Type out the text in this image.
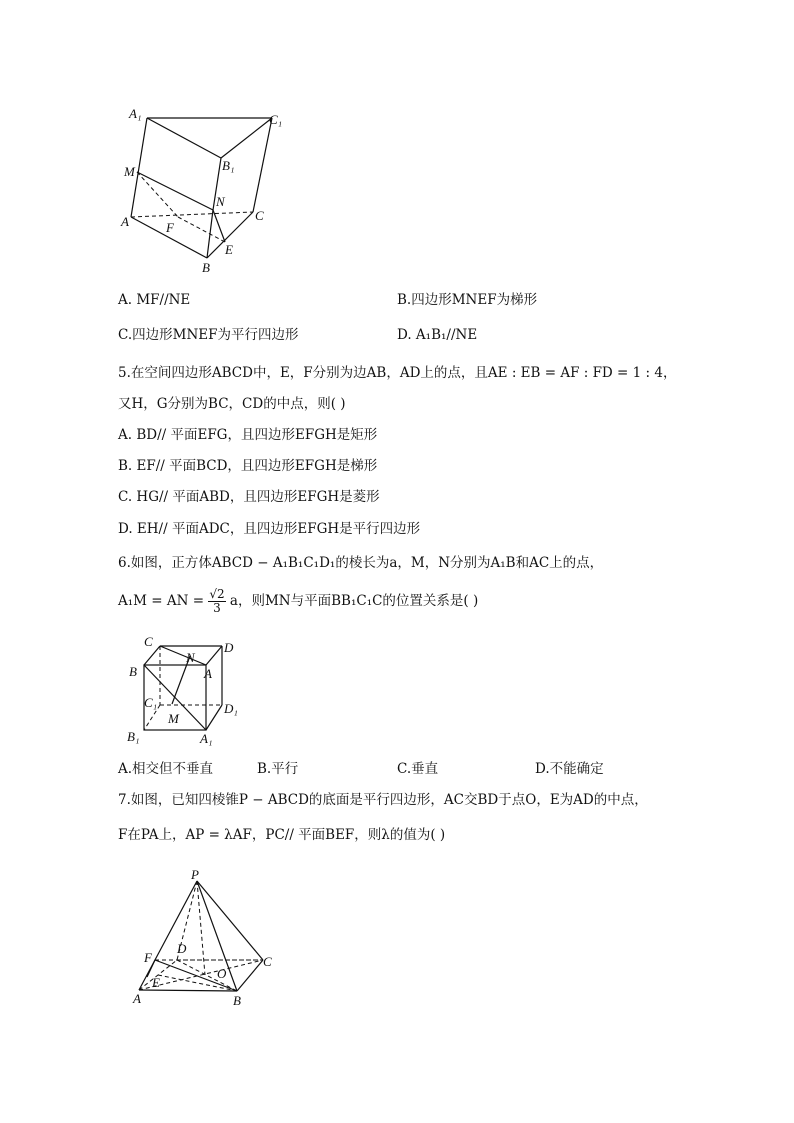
A₁	C₁
B₁
M
N
A	C
F
E
B
A. MF//NE	B.四边形MNEF为梯形
C.四边形MNEF为平行四边形	D. A₁B₁//NE
5.在空间四边形ABCD中，E，F分别为边AB，AD上的点，且AE : EB = AF : FD = 1 : 4，
又H，G分别为BC，CD的中点，则( )
A. BD// 平面EFG，且四边形EFGH是矩形
B. EF// 平面BCD，且四边形EFGH是梯形
C. HG// 平面ABD，且四边形EFGH是菱形
D. EH// 平面ADC，且四边形EFGH是平行四边形
6.如图，正方体ABCD − A₁B₁C₁D₁的棱长为a，M，N分别为A₁B和AC上的点，
A₁M = AN = $\frac{√2}{3}$ a，则MN与平面BB₁C₁C的位置关系是( )
C
N
D
B	A
C₁
M
D₁
B₁	A₁
A.相交但不垂直	B.平行	C.垂直	D.不能确定
7.如图，已知四棱锥P − ABCD的底面是平行四边形，AC交BD于点O，E为AD的中点，
F在PA上，AP = λAF，PC// 平面BEF，则λ的值为( )
P
D
F	C
O
E
A	B
